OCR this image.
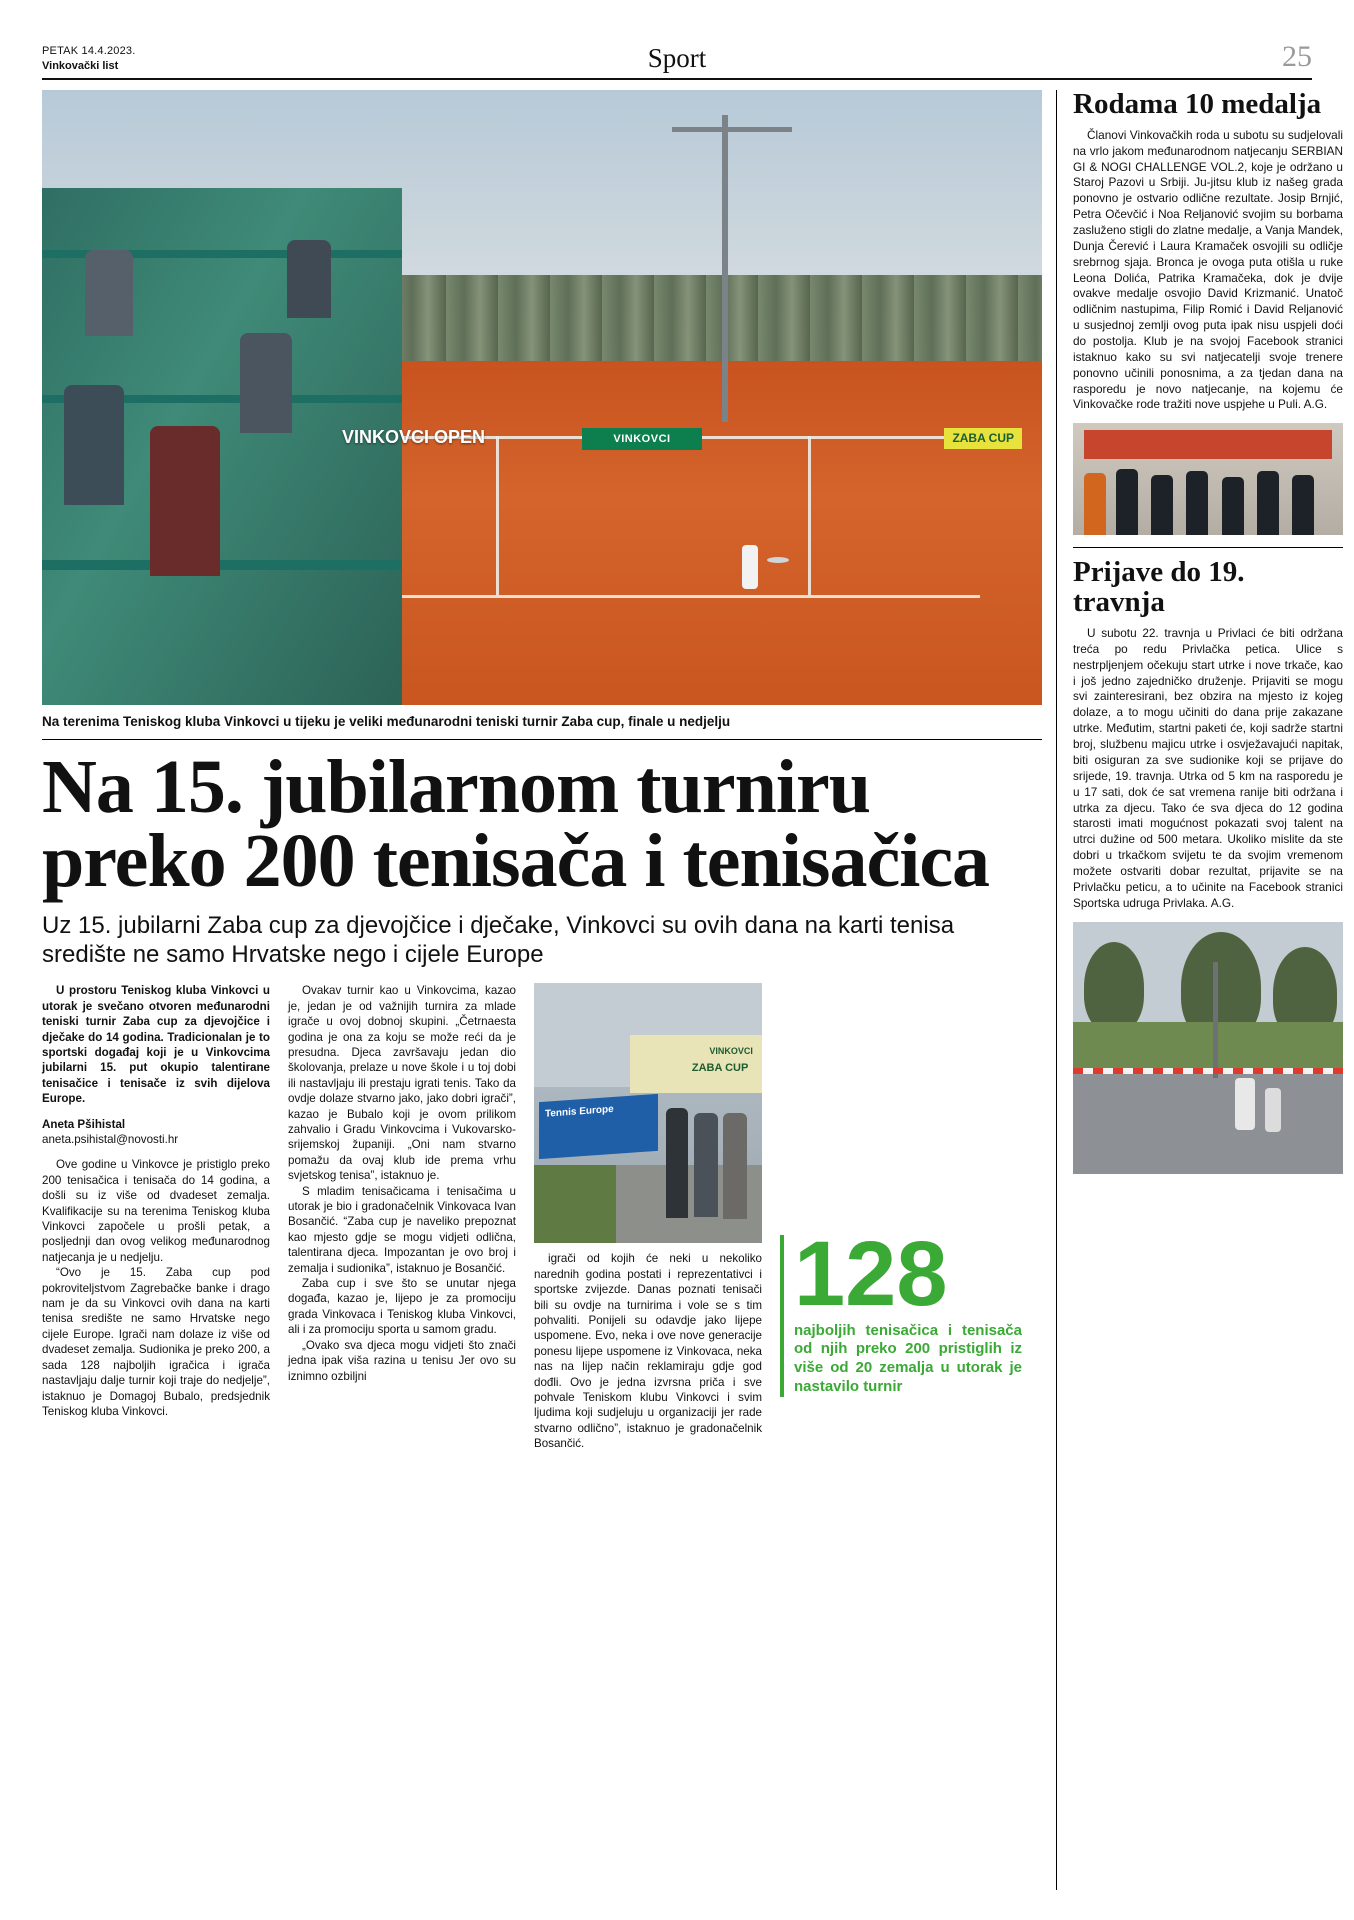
PETAK 14.4.2023.
Vinkovački list	Sport	25
VINKOVCI
VINKOVCI OPEN	ZABA CUP
Na terenima Teniskog kluba Vinkovci u tijeku je veliki međunarodni teniski turnir Zaba cup, finale u nedjelju
Na 15. jubilarnom turniru preko 200 tenisača i tenisačica
Uz 15. jubilarni Zaba cup za djevojčice i dječake, Vinkovci su ovih dana na karti tenisa središte ne samo Hrvatske nego i cijele Europe

U prostoru Teniskog kluba Vinkovci u utorak je svečano otvoren međunarodni teniski turnir Zaba cup za djevojčice i dječake do 14 godina. Tradicionalan je to sportski događaj koji je u Vinkovcima jubilarni 15. put okupio talentirane tenisačice i tenisače iz svih dijelova Europe.

Aneta Pšihistal
aneta.psihistal@novosti.hr

Ove godine u Vinkovce je pristiglo preko 200 tenisačica i tenisača do 14 godina, a došli su iz više od dvadeset zemalja. Kvalifikacije su na terenima Teniskog kluba Vinkovci započele u prošli petak, a posljednji dan ovog velikog međunarodnog natjecanja je u nedjelju.

“Ovo je 15. Zaba cup pod pokroviteljstvom Zagrebačke banke i drago nam je da su Vinkovci ovih dana na karti tenisa središte ne samo Hrvatske nego cijele Europe. Igrači nam dolaze iz više od dvadeset zemalja. Sudionika je preko 200, a sada 128 najboljih igračica i igrača nastavljaju dalje turnir koji traje do nedjelje”, istaknuo je Domagoj Bubalo, predsjednik Teniskog kluba Vinkovci.

Ovakav turnir kao u Vinkovcima, kazao je, jedan je od važnijih turnira za mlade igrače u ovoj dobnoj skupini. „Četrnaesta godina je ona za koju se može reći da je presudna. Djeca završavaju jedan dio školovanja, prelaze u nove škole i u toj dobi ili nastavljaju ili prestaju igrati tenis. Tako da ovdje dolaze stvarno jako, jako dobri igrači”, kazao je Bubalo koji je ovom prilikom zahvalio i Gradu Vinkovcima i Vukovarsko-srijemskoj županiji. „Oni nam stvarno pomažu da ovaj klub ide prema vrhu svjetskog tenisa”, istaknuo je.

S mladim tenisačicama i tenisačima u utorak je bio i gradonačelnik Vinkovaca Ivan Bosančić. “Zaba cup je naveliko prepoznat kao mjesto gdje se mogu vidjeti odlična, talentirana djeca. Impozantan je ovo broj i zemalja i sudionika”, istaknuo je Bosančić.

Zaba cup i sve što se unutar njega događa, kazao je, lijepo je za promociju grada Vinkovaca i Teniskog kluba Vinkovci, ali i za promociju sporta u samom gradu.

„Ovako sva djeca mogu vidjeti što znači jedna ipak viša razina u tenisu Jer ovo su iznimno ozbiljni

VINKOVCI
ZABA CUP
Tennis Europe

igrači od kojih će neki u nekoliko narednih godina postati i reprezentativci i sportske zvijezde. Danas poznati tenisači bili su ovdje na turnirima i vole se s tim pohvaliti. Ponijeli su odavdje jako lijepe uspomene. Evo, neka i ove nove generacije ponesu lijepe uspomene iz Vinkovaca, neka nas na lijep način reklamiraju gdje god dođli. Ovo je jedna izvrsna priča i sve pohvale Teniskom klubu Vinkovci i svim ljudima koji sudjeluju u organizaciji jer rade stvarno odlično”, istaknuo je gradonačelnik Bosančić.

128
najboljih tenisačica i tenisača od njih preko 200 pristiglih iz više od 20 zemalja u utorak je nastavilo turnir
Rodama 10 medalja

Članovi Vinkovačkih roda u subotu su sudjelovali na vrlo jakom međunarodnom natjecanju SERBIAN GI & NOGI CHALLENGE VOL.2, koje je održano u Staroj Pazovi u Srbiji. Ju-jitsu klub iz našeg grada ponovno je ostvario odlične rezultate. Josip Brnjić, Petra Očevčić i Noa Reljanović svojim su borbama zasluženo stigli do zlatne medalje, a Vanja Mandek, Dunja Čerević i Laura Kramaček osvojili su odličje srebrnog sjaja. Bronca je ovoga puta otišla u ruke Leona Dolića, Patrika Kramačeka, dok je dvije ovakve medalje osvojio David Krizmanić. Unatoč odličnim nastupima, Filip Romić i David Reljanović u susjednoj zemlji ovog puta ipak nisu uspjeli doći do postolja. Klub je na svojoj Facebook stranici istaknuo kako su svi natjecatelji svoje trenere ponovno učinili ponosnima, a za tjedan dana na rasporedu je novo natjecanje, na kojemu će Vinkovačke rode tražiti nove uspjehe u Puli. A.G.

Prijave do 19. travnja

U subotu 22. travnja u Privlaci će biti održana treća po redu Privlačka petica. Ulice s nestrpljenjem očekuju start utrke i nove trkače, kao i još jedno zajedničko druženje. Prijaviti se mogu svi zainteresirani, bez obzira na mjesto iz kojeg dolaze, a to mogu učiniti do dana prije zakazane utrke. Međutim, startni paketi će, koji sadrže startni broj, službenu majicu utrke i osvježavajući napitak, biti osiguran za sve sudionike koji se prijave do srijede, 19. travnja. Utrka od 5 km na rasporedu je u 17 sati, dok će sat vremena ranije biti održana i utrka za djecu. Tako će sva djeca do 12 godina starosti imati mogućnost pokazati svoj talent na utrci dužine od 500 metara. Ukoliko mislite da ste dobri u trkačkom svijetu te da svojim vremenom možete ostvariti dobar rezultat, prijavite se na Privlačku peticu, a to učinite na Facebook stranici Sportska udruga Privlaka. A.G.
